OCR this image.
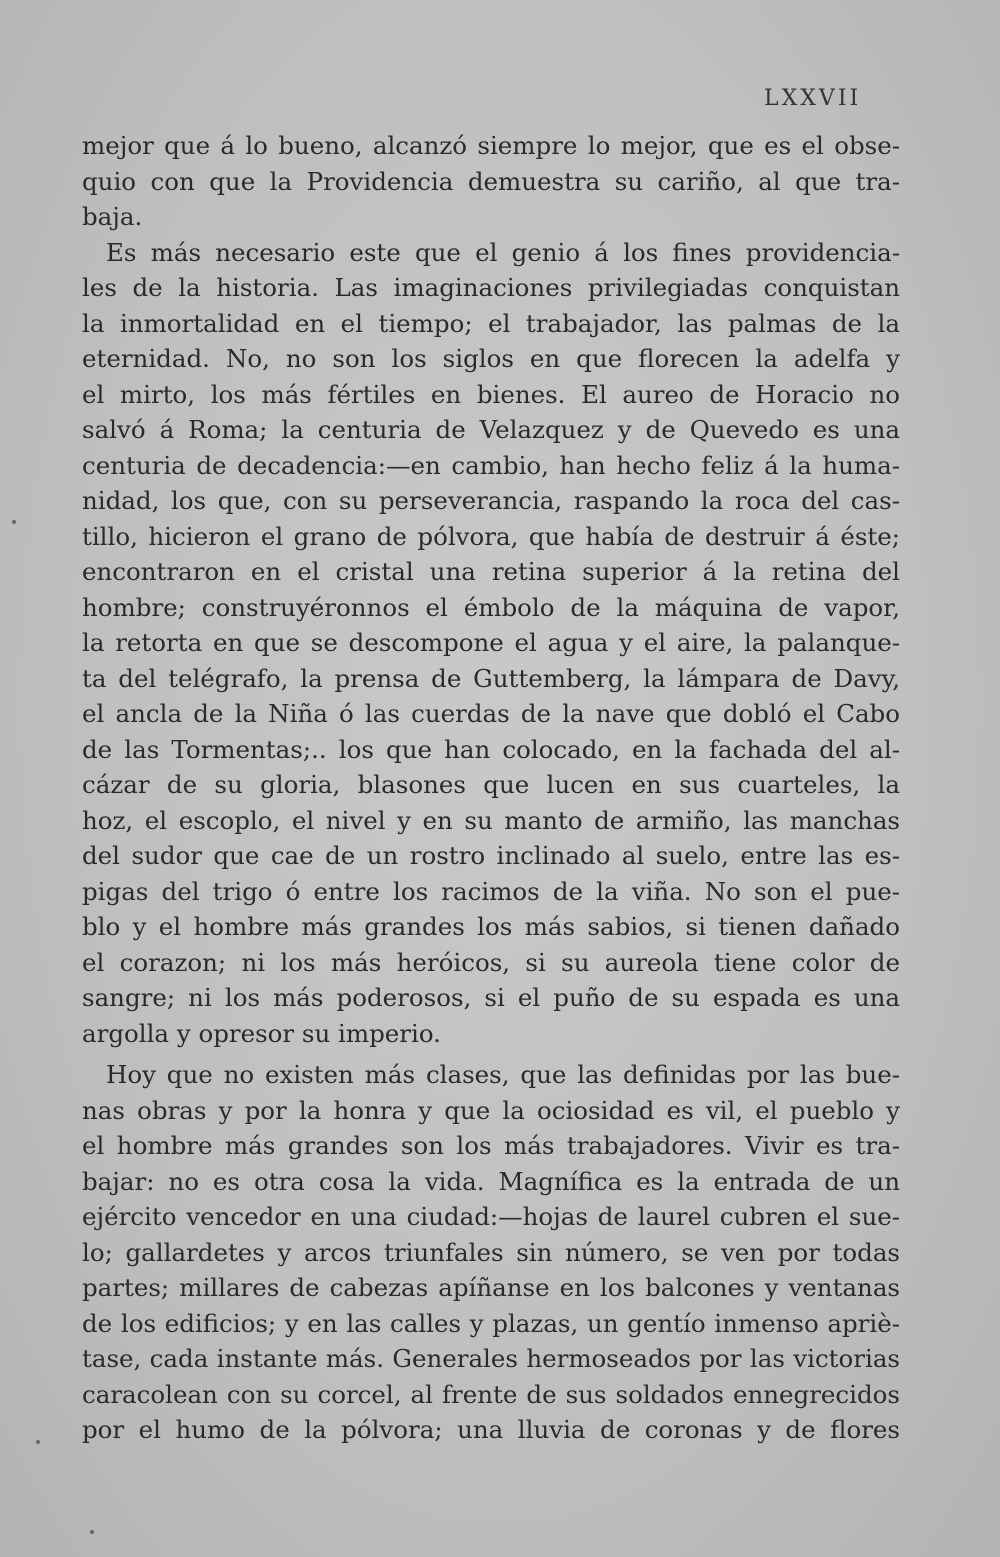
LXXVII
mejor que á lo bueno, alcanzó siempre lo mejor, que es el obse-
quio con que la Providencia demuestra su cariño, al que tra-
baja.
Es más necesario este que el genio á los fines providencia-
les de la historia. Las imaginaciones privilegiadas conquistan
la inmortalidad en el tiempo; el trabajador, las palmas de la
eternidad. No, no son los siglos en que florecen la adelfa y
el mirto, los más fértiles en bienes. El aureo de Horacio no
salvó á Roma; la centuria de Velazquez y de Quevedo es una
centuria de decadencia:—en cambio, han hecho feliz á la huma-
nidad, los que, con su perseverancia, raspando la roca del cas-
tillo, hicieron el grano de pólvora, que había de destruir á éste;
encontraron en el cristal una retina superior á la retina del
hombre; construyéronnos el émbolo de la máquina de vapor,
la retorta en que se descompone el agua y el aire, la palanque-
ta del telégrafo, la prensa de Guttemberg, la lámpara de Davy,
el ancla de la Niña ó las cuerdas de la nave que dobló el Cabo
de las Tormentas;.. los que han colocado, en la fachada del al-
cázar de su gloria, blasones que lucen en sus cuarteles, la
hoz, el escoplo, el nivel y en su manto de armiño, las manchas
del sudor que cae de un rostro inclinado al suelo, entre las es-
pigas del trigo ó entre los racimos de la viña. No son el pue-
blo y el hombre más grandes los más sabios, si tienen dañado
el corazon; ni los más heróicos, si su aureola tiene color de
sangre; ni los más poderosos, si el puño de su espada es una
argolla y opresor su imperio.
Hoy que no existen más clases, que las definidas por las bue-
nas obras y por la honra y que la ociosidad es vil, el pueblo y
el hombre más grandes son los más trabajadores. Vivir es tra-
bajar: no es otra cosa la vida. Magnífica es la entrada de un
ejército vencedor en una ciudad:—hojas de laurel cubren el sue-
lo; gallardetes y arcos triunfales sin número, se ven por todas
partes; millares de cabezas apíñanse en los balcones y ventanas
de los edificios; y en las calles y plazas, un gentío inmenso apriè-
tase, cada instante más. Generales hermoseados por las victorias
caracolean con su corcel, al frente de sus soldados ennegrecidos
por el humo de la pólvora; una lluvia de coronas y de flores
